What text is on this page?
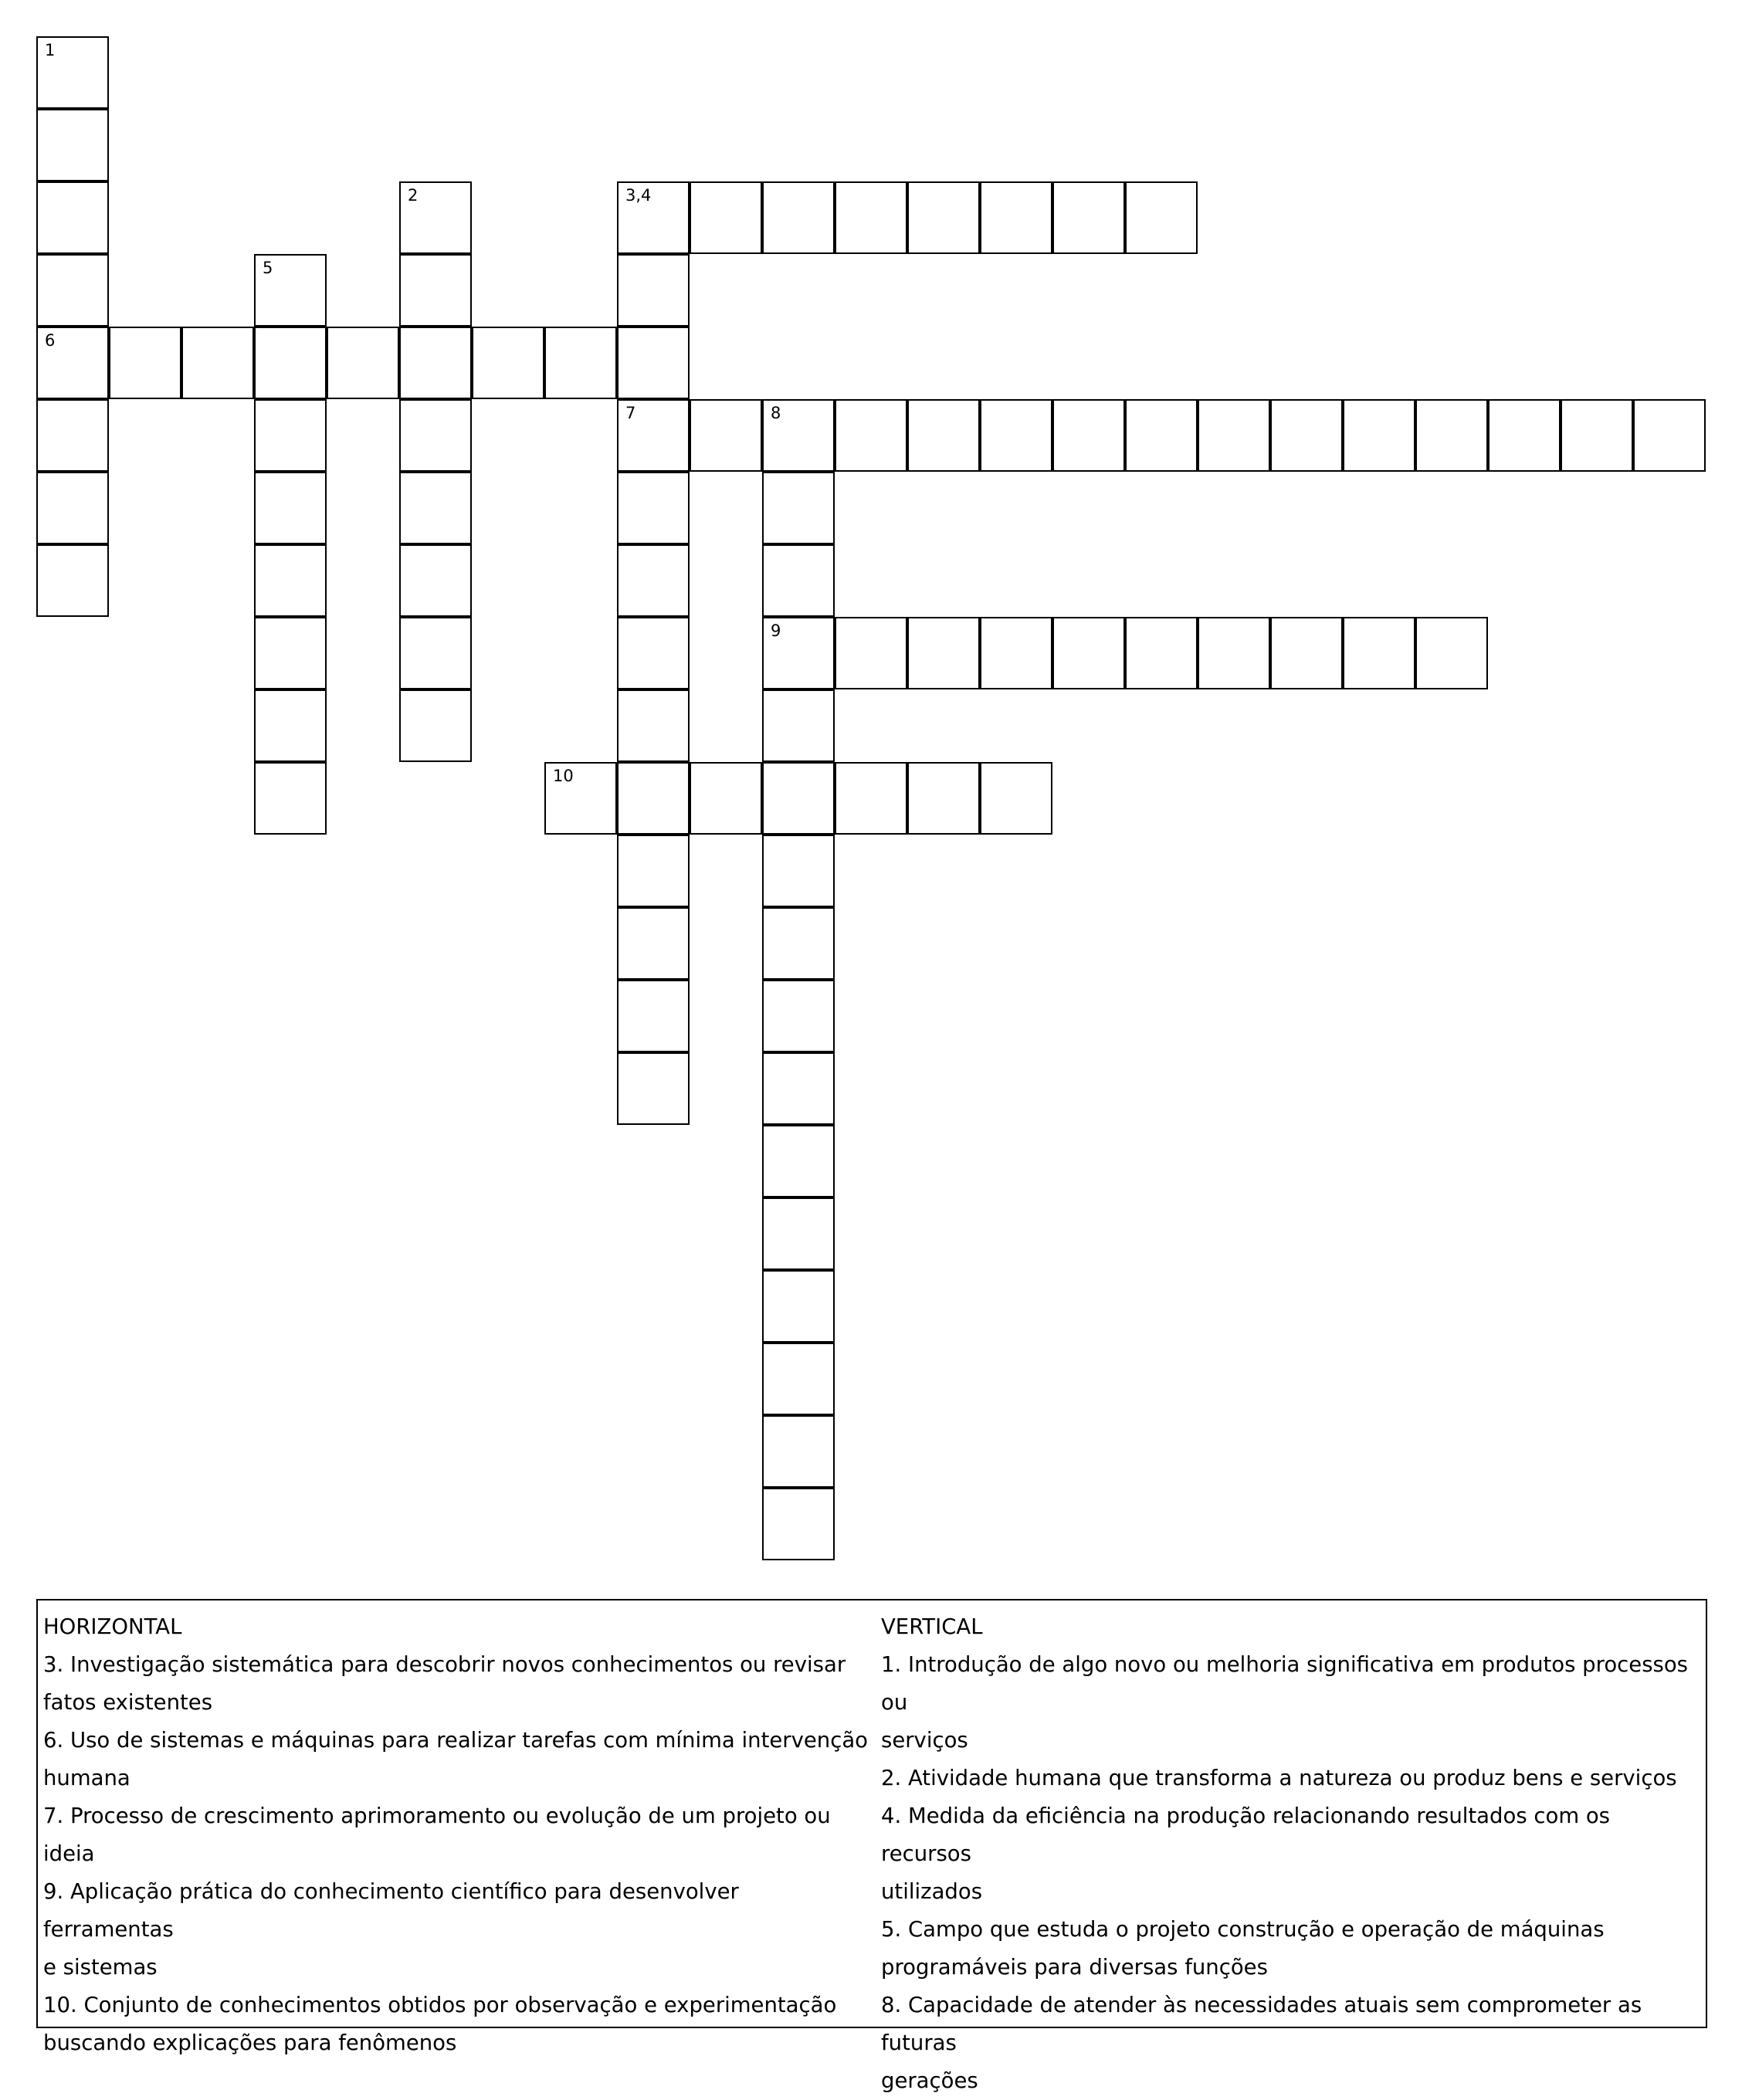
1
6
2	3,4
5
7	8
9
10

HORIZONTAL

3. Investigação sistemática para descobrir novos conhecimentos ou revisar

fatos existentes

6. Uso de sistemas e máquinas para realizar tarefas com mínima intervenção

humana

7. Processo de crescimento aprimoramento ou evolução de um projeto ou ideia

9. Aplicação prática do conhecimento científico para desenvolver ferramentas

e sistemas

10. Conjunto de conhecimentos obtidos por observação e experimentação

buscando explicações para fenômenos

VERTICAL

1. Introdução de algo novo ou melhoria significativa em produtos processos ou

serviços

2. Atividade humana que transforma a natureza ou produz bens e serviços

4. Medida da eficiência na produção relacionando resultados com os recursos

utilizados

5. Campo que estuda o projeto construção e operação de máquinas

programáveis para diversas funções

8. Capacidade de atender às necessidades atuais sem comprometer as futuras

gerações
